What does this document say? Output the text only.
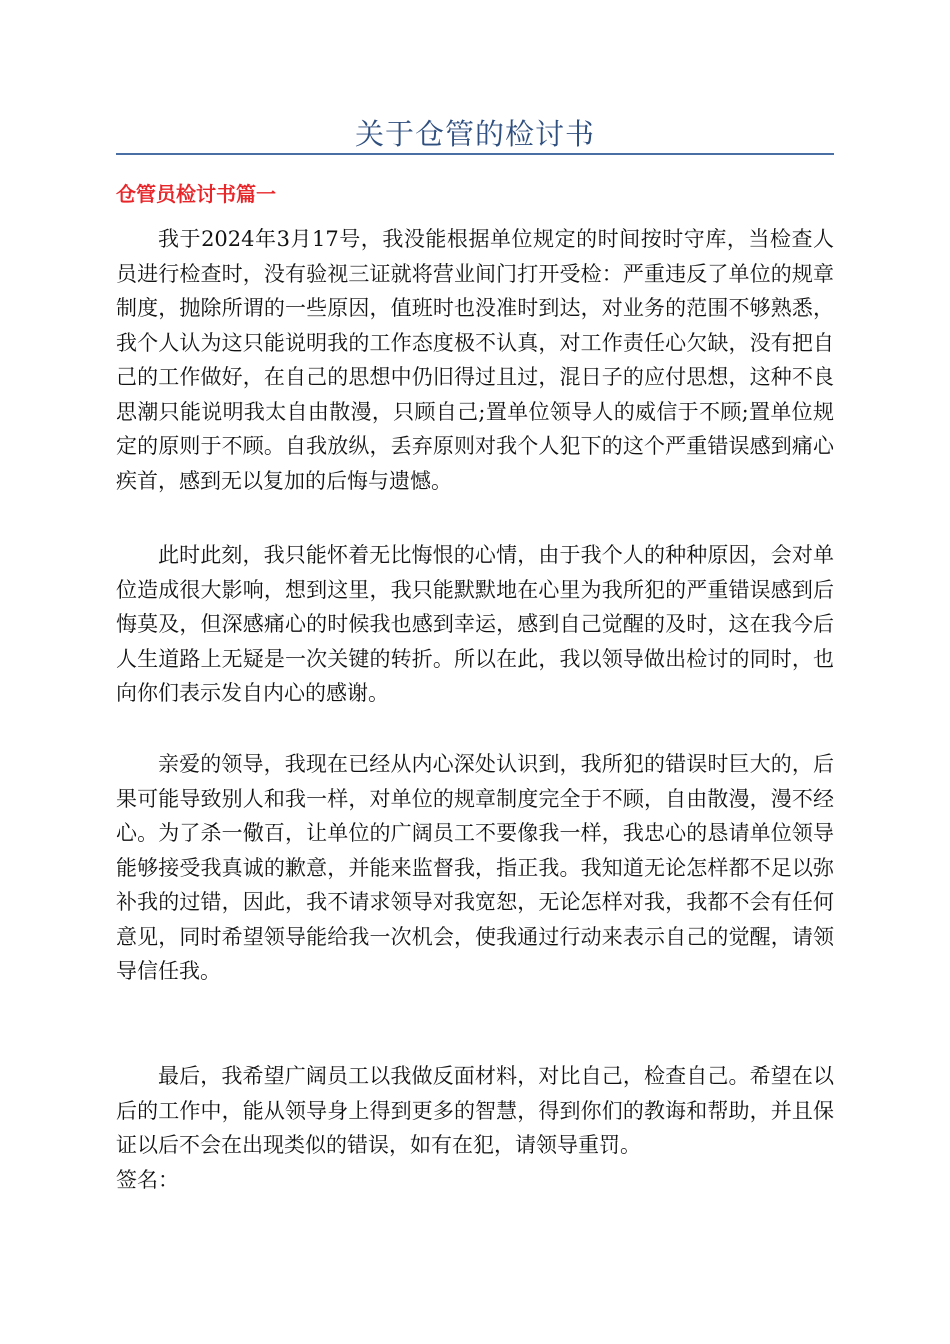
关于仓管的检讨书
仓管员检讨书篇一

我于2024年3月17号，我没能根据单位规定的时间按时守库，当检查人员进行检查时，没有验视三证就将营业间门打开受检：严重违反了单位的规章制度，抛除所谓的一些原因，值班时也没准时到达，对业务的范围不够熟悉，我个人认为这只能说明我的工作态度极不认真，对工作责任心欠缺，没有把自己的工作做好，在自己的思想中仍旧得过且过，混日子的应付思想，这种不良思潮只能说明我太自由散漫，只顾自己;置单位领导人的威信于不顾;置单位规定的原则于不顾。自我放纵，丢弃原则对我个人犯下的这个严重错误感到痛心疾首，感到无以复加的后悔与遗憾。

此时此刻，我只能怀着无比悔恨的心情，由于我个人的种种原因，会对单位造成很大影响，想到这里，我只能默默地在心里为我所犯的严重错误感到后悔莫及，但深感痛心的时候我也感到幸运，感到自己觉醒的及时，这在我今后人生道路上无疑是一次关键的转折。所以在此，我以领导做出检讨的同时，也向你们表示发自内心的感谢。

亲爱的领导，我现在已经从内心深处认识到，我所犯的错误时巨大的，后果可能导致别人和我一样，对单位的规章制度完全于不顾，自由散漫，漫不经心。为了杀一儆百，让单位的广阔员工不要像我一样，我忠心的恳请单位领导能够接受我真诚的歉意，并能来监督我，指正我。我知道无论怎样都不足以弥补我的过错，因此，我不请求领导对我宽恕，无论怎样对我，我都不会有任何意见，同时希望领导能给我一次机会，使我通过行动来表示自己的觉醒，请领导信任我。

最后，我希望广阔员工以我做反面材料，对比自己，检查自己。希望在以后的工作中，能从领导身上得到更多的智慧，得到你们的教诲和帮助，并且保证以后不会在出现类似的错误，如有在犯，请领导重罚。

签名：
